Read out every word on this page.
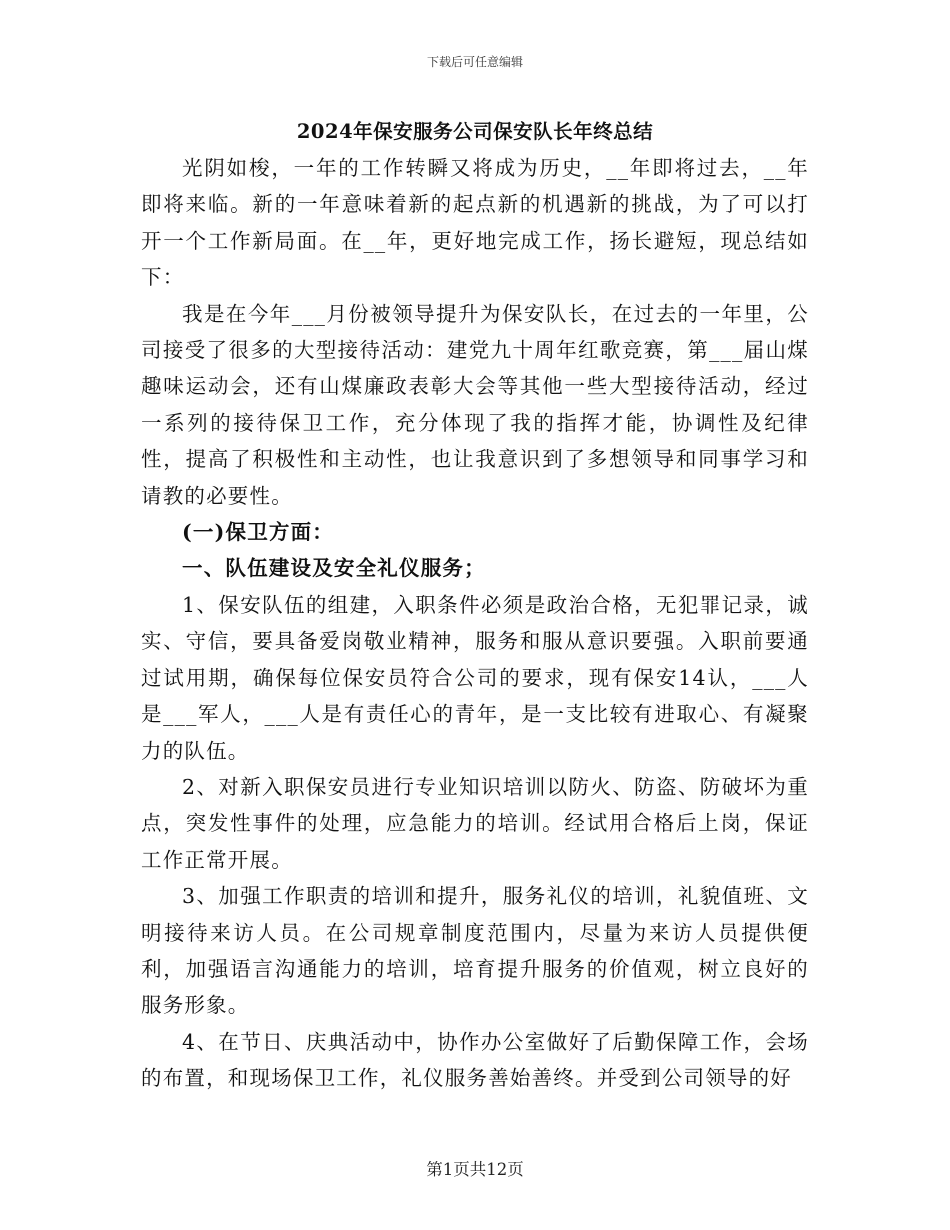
下载后可任意编辑
2024年保安服务公司保安队长年终总结

光阴如梭，一年的工作转瞬又将成为历史，__年即将过去，__年即将来临。新的一年意味着新的起点新的机遇新的挑战，为了可以打开一个工作新局面。在__年，更好地完成工作，扬长避短，现总结如下：

我是在今年___月份被领导提升为保安队长，在过去的一年里，公司接受了很多的大型接待活动：建党九十周年红歌竞赛，第___届山煤趣味运动会，还有山煤廉政表彰大会等其他一些大型接待活动，经过一系列的接待保卫工作，充分体现了我的指挥才能，协调性及纪律性，提高了积极性和主动性，也让我意识到了多想领导和同事学习和请教的必要性。

(一)保卫方面：

一、队伍建设及安全礼仪服务；

1、保安队伍的组建，入职条件必须是政治合格，无犯罪记录，诚实、守信，要具备爱岗敬业精神，服务和服从意识要强。入职前要通过试用期，确保每位保安员符合公司的要求，现有保安14认，___人是___军人，___人是有责任心的青年，是一支比较有进取心、有凝聚力的队伍。

2、对新入职保安员进行专业知识培训以防火、防盗、防破坏为重点，突发性事件的处理，应急能力的培训。经试用合格后上岗，保证工作正常开展。

3、加强工作职责的培训和提升，服务礼仪的培训，礼貌值班、文明接待来访人员。在公司规章制度范围内，尽量为来访人员提供便利，加强语言沟通能力的培训，培育提升服务的价值观，树立良好的服务形象。

4、在节日、庆典活动中，协作办公室做好了后勤保障工作，会场的布置，和现场保卫工作，礼仪服务善始善终。并受到公司领导的好

第1页共12页
